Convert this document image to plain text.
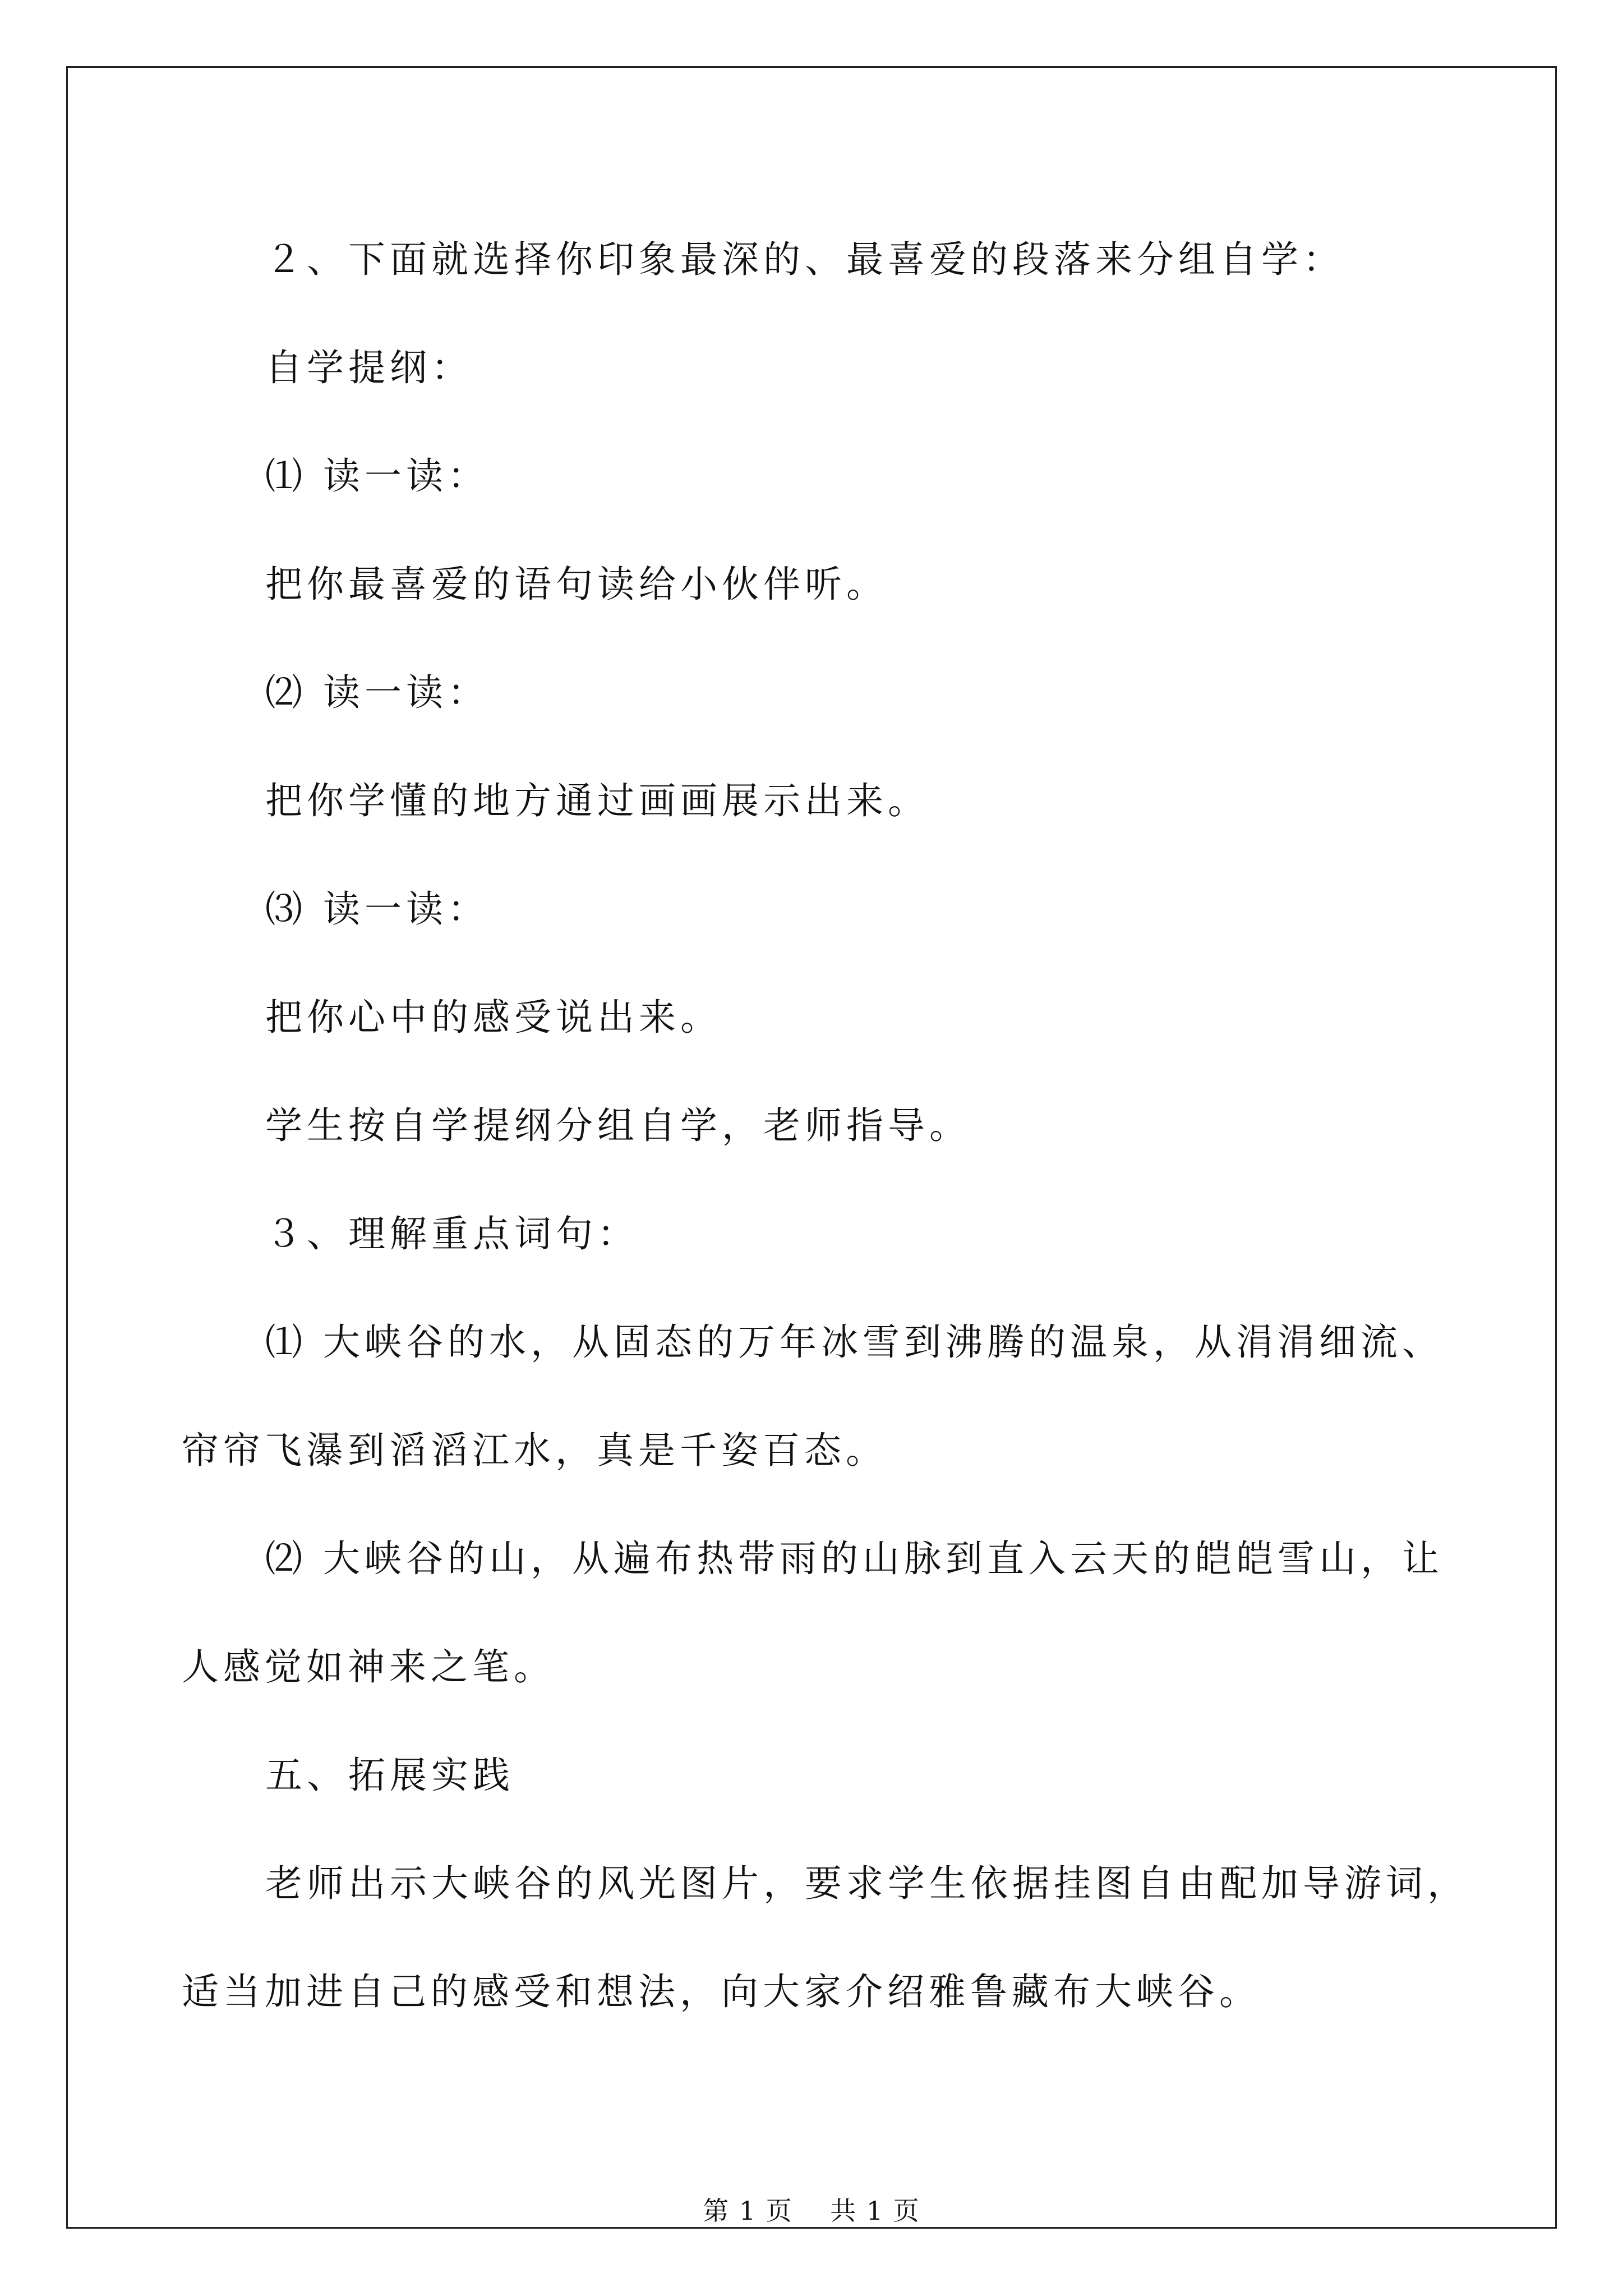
２、下面就选择你印象最深的、最喜爱的段落来分组自学：
自学提纲：
⑴ 读一读：
把你最喜爱的语句读给小伙伴听。
⑵ 读一读：
把你学懂的地方通过画画展示出来。
⑶ 读一读：
把你心中的感受说出来。
学生按自学提纲分组自学，老师指导。
３、理解重点词句：
⑴ 大峡谷的水，从固态的万年冰雪到沸腾的温泉，从涓涓细流、
帘帘飞瀑到滔滔江水，真是千姿百态。
⑵ 大峡谷的山，从遍布热带雨的山脉到直入云天的皑皑雪山，让
人感觉如神来之笔。
五、拓展实践
老师出示大峡谷的风光图片，要求学生依据挂图自由配加导游词，
适当加进自己的感受和想法，向大家介绍雅鲁藏布大峡谷。
第 1 页    共 1 页
